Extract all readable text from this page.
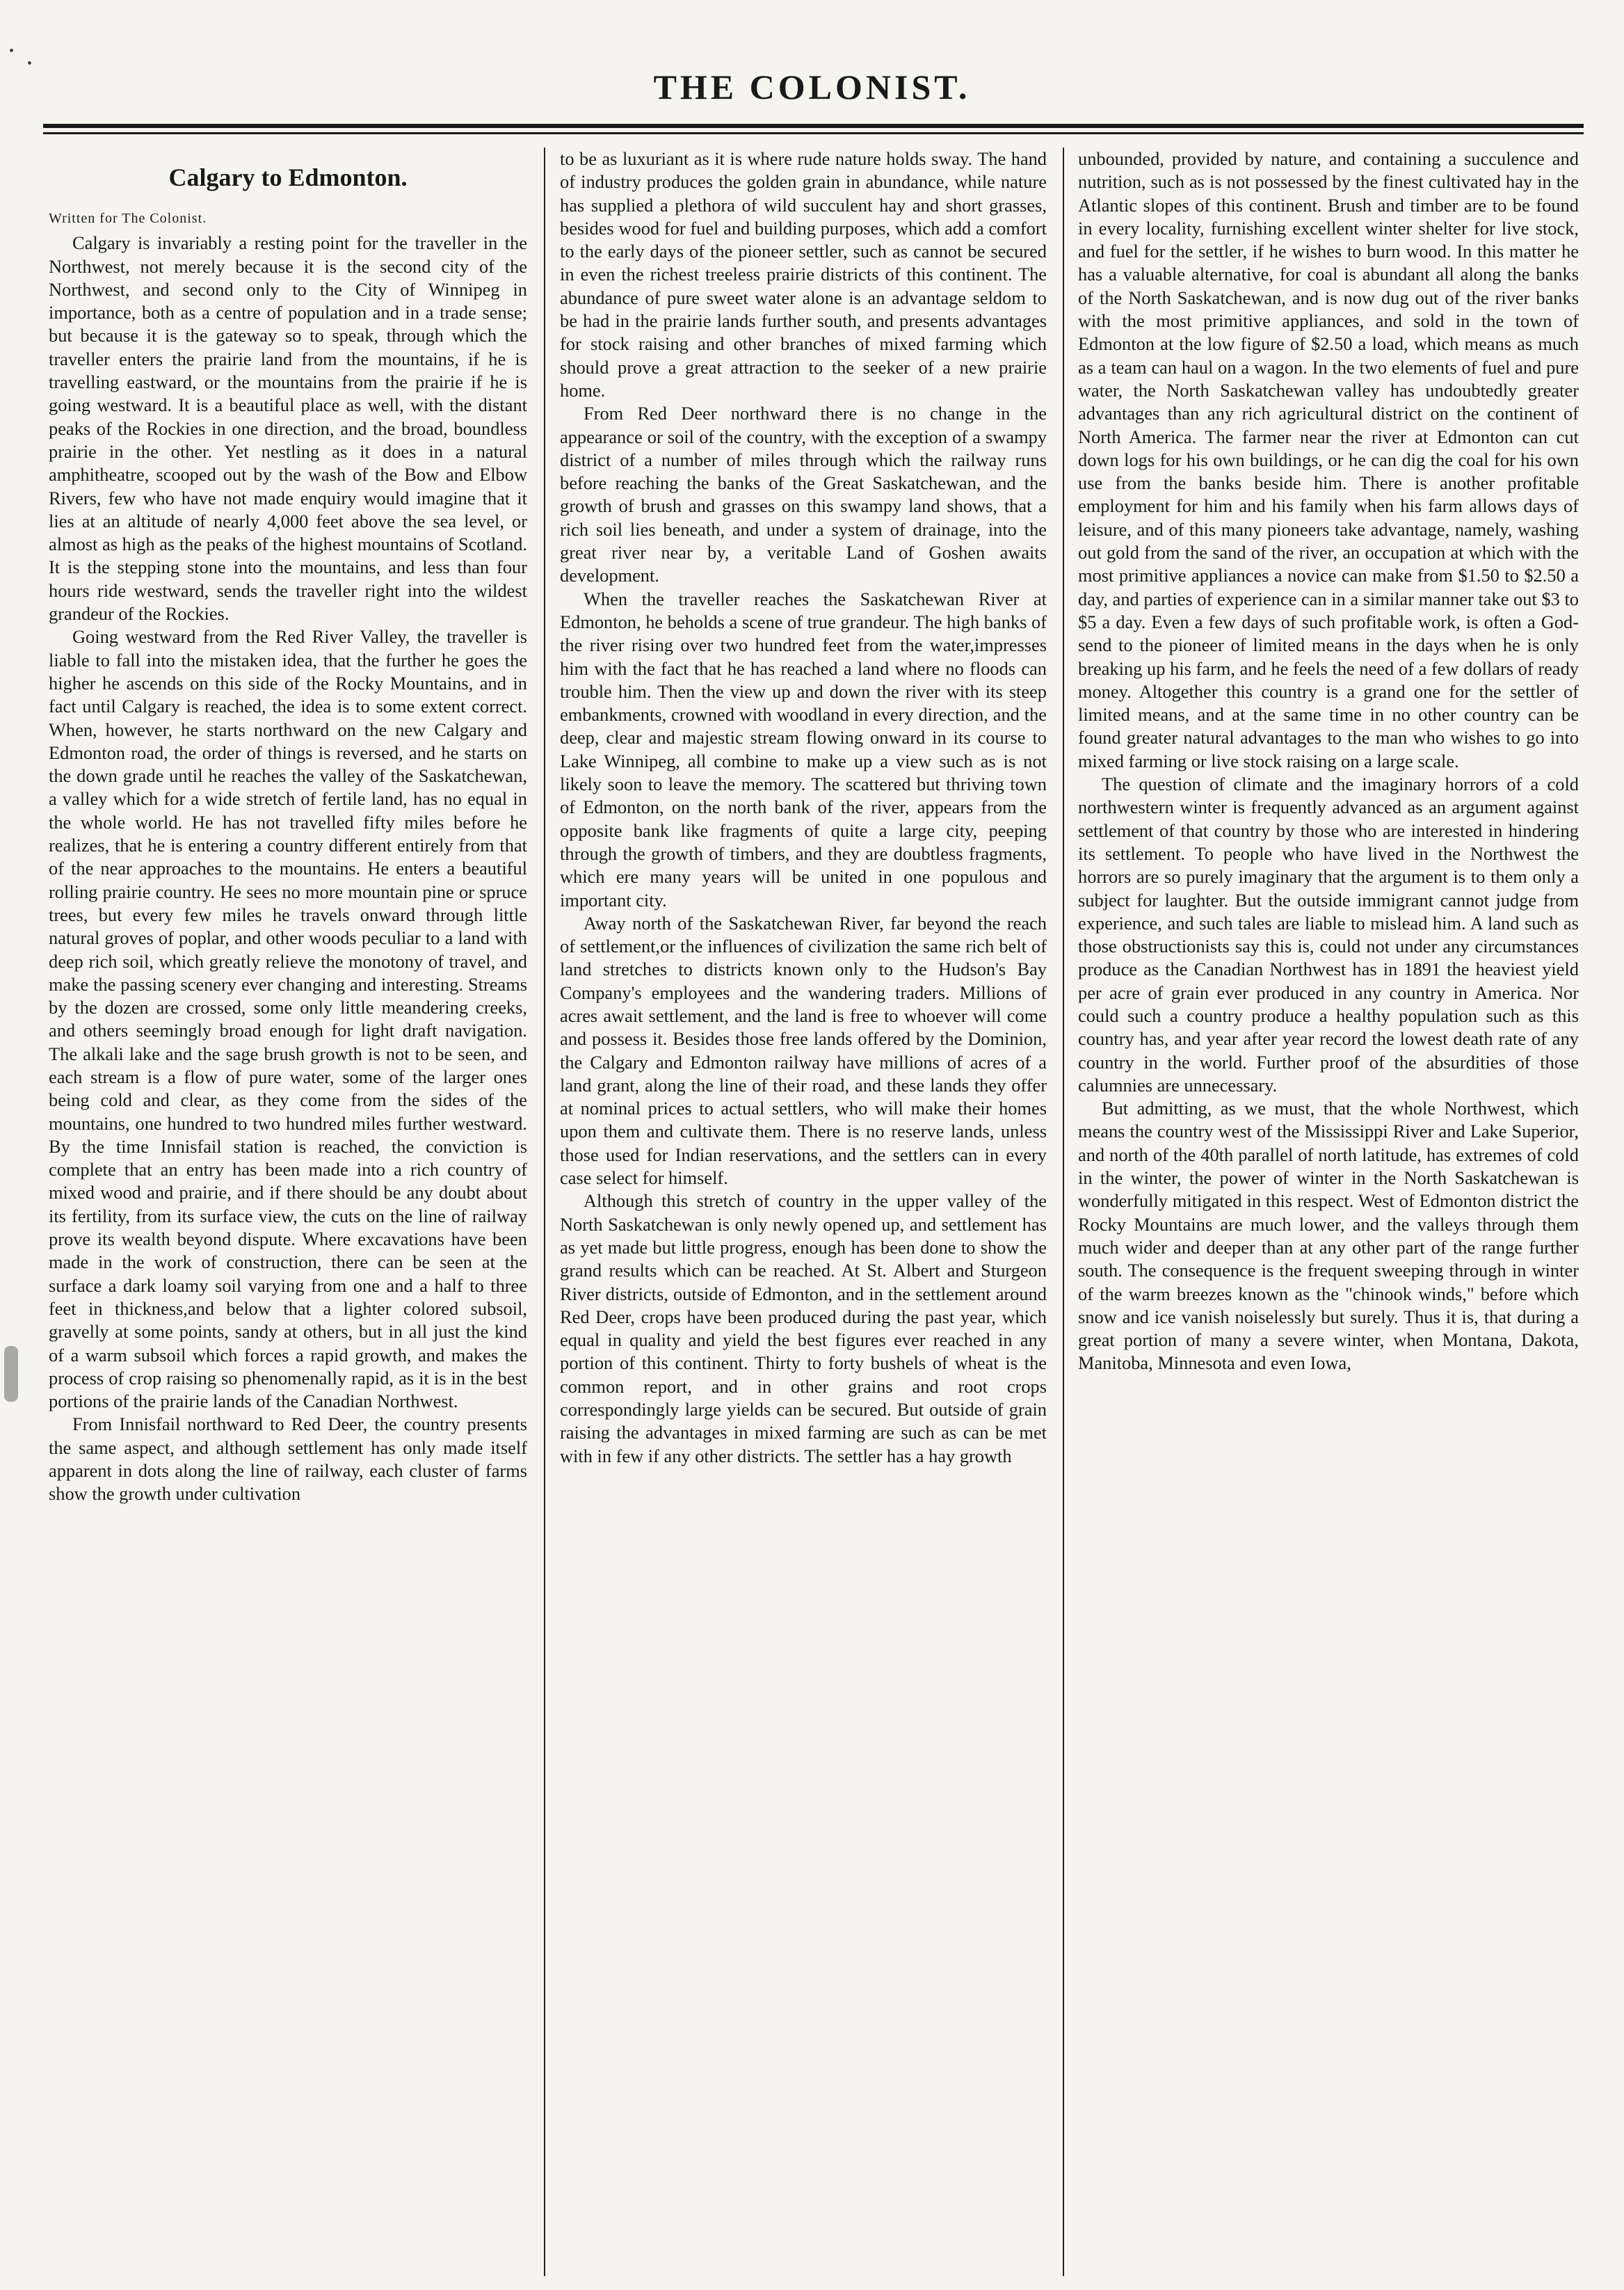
THE COLONIST.
Calgary to Edmonton.
Written for The Colonist.

Calgary is invariably a resting point for the traveller in the Northwest, not merely because it is the second city of the Northwest, and second only to the City of Winnipeg in importance, both as a centre of population and in a trade sense; but because it is the gateway so to speak, through which the traveller enters the prairie land from the mountains, if he is travelling eastward, or the mountains from the prairie if he is going westward. It is a beautiful place as well, with the distant peaks of the Rockies in one direction, and the broad, boundless prairie in the other. Yet nestling as it does in a natural amphitheatre, scooped out by the wash of the Bow and Elbow Rivers, few who have not made enquiry would imagine that it lies at an altitude of nearly 4,000 feet above the sea level, or almost as high as the peaks of the highest mountains of Scotland. It is the stepping stone into the mountains, and less than four hours ride westward, sends the traveller right into the wildest grandeur of the Rockies.

Going westward from the Red River Valley, the traveller is liable to fall into the mistaken idea, that the further he goes the higher he ascends on this side of the Rocky Mountains, and in fact until Calgary is reached, the idea is to some extent correct. When, however, he starts northward on the new Calgary and Edmonton road, the order of things is reversed, and he starts on the down grade until he reaches the valley of the Saskatchewan, a valley which for a wide stretch of fertile land, has no equal in the whole world. He has not travelled fifty miles before he realizes, that he is entering a country different entirely from that of the near approaches to the mountains. He enters a beautiful rolling prairie country. He sees no more mountain pine or spruce trees, but every few miles he travels onward through little natural groves of poplar, and other woods peculiar to a land with deep rich soil, which greatly relieve the monotony of travel, and make the passing scenery ever changing and interesting. Streams by the dozen are crossed, some only little meandering creeks, and others seemingly broad enough for light draft navigation. The alkali lake and the sage brush growth is not to be seen, and each stream is a flow of pure water, some of the larger ones being cold and clear, as they come from the sides of the mountains, one hundred to two hundred miles further westward. By the time Innisfail station is reached, the conviction is complete that an entry has been made into a rich country of mixed wood and prairie, and if there should be any doubt about its fertility, from its surface view, the cuts on the line of railway prove its wealth beyond dispute. Where excavations have been made in the work of construction, there can be seen at the surface a dark loamy soil varying from one and a half to three feet in thickness,and below that a lighter colored subsoil, gravelly at some points, sandy at others, but in all just the kind of a warm subsoil which forces a rapid growth, and makes the process of crop raising so phenomenally rapid, as it is in the best portions of the prairie lands of the Canadian Northwest.

From Innisfail northward to Red Deer, the country presents the same aspect, and although settlement has only made itself apparent in dots along the line of railway, each cluster of farms show the growth under cultivation

to be as luxuriant as it is where rude nature holds sway. The hand of industry produces the golden grain in abundance, while nature has supplied a plethora of wild succulent hay and short grasses, besides wood for fuel and building purposes, which add a comfort to the early days of the pioneer settler, such as cannot be secured in even the richest treeless prairie districts of this continent. The abundance of pure sweet water alone is an advantage seldom to be had in the prairie lands further south, and presents advantages for stock raising and other branches of mixed farming which should prove a great attraction to the seeker of a new prairie home.

From Red Deer northward there is no change in the appearance or soil of the country, with the exception of a swampy district of a number of miles through which the railway runs before reaching the banks of the Great Saskatchewan, and the growth of brush and grasses on this swampy land shows, that a rich soil lies beneath, and under a system of drainage, into the great river near by, a veritable Land of Goshen awaits development.

When the traveller reaches the Saskatchewan River at Edmonton, he beholds a scene of true grandeur. The high banks of the river rising over two hundred feet from the water,impresses him with the fact that he has reached a land where no floods can trouble him. Then the view up and down the river with its steep embankments, crowned with woodland in every direction, and the deep, clear and majestic stream flowing onward in its course to Lake Winnipeg, all combine to make up a view such as is not likely soon to leave the memory. The scattered but thriving town of Edmonton, on the north bank of the river, appears from the opposite bank like fragments of quite a large city, peeping through the growth of timbers, and they are doubtless fragments, which ere many years will be united in one populous and important city.

Away north of the Saskatchewan River, far beyond the reach of settlement,or the influences of civilization the same rich belt of land stretches to districts known only to the Hudson's Bay Company's employees and the wandering traders. Millions of acres await settlement, and the land is free to whoever will come and possess it. Besides those free lands offered by the Dominion, the Calgary and Edmonton railway have millions of acres of a land grant, along the line of their road, and these lands they offer at nominal prices to actual settlers, who will make their homes upon them and cultivate them. There is no reserve lands, unless those used for Indian reservations, and the settlers can in every case select for himself.

Although this stretch of country in the upper valley of the North Saskatchewan is only newly opened up, and settlement has as yet made but little progress, enough has been done to show the grand results which can be reached. At St. Albert and Sturgeon River districts, outside of Edmonton, and in the settlement around Red Deer, crops have been produced during the past year, which equal in quality and yield the best figures ever reached in any portion of this continent. Thirty to forty bushels of wheat is the common report, and in other grains and root crops correspondingly large yields can be secured. But outside of grain raising the advantages in mixed farming are such as can be met with in few if any other districts. The settler has a hay growth

unbounded, provided by nature, and containing a succulence and nutrition, such as is not possessed by the finest cultivated hay in the Atlantic slopes of this continent. Brush and timber are to be found in every locality, furnishing excellent winter shelter for live stock, and fuel for the settler, if he wishes to burn wood. In this matter he has a valuable alternative, for coal is abundant all along the banks of the North Saskatchewan, and is now dug out of the river banks with the most primitive appliances, and sold in the town of Edmonton at the low figure of $2.50 a load, which means as much as a team can haul on a wagon. In the two elements of fuel and pure water, the North Saskatchewan valley has undoubtedly greater advantages than any rich agricultural district on the continent of North America. The farmer near the river at Edmonton can cut down logs for his own buildings, or he can dig the coal for his own use from the banks beside him. There is another profitable employment for him and his family when his farm allows days of leisure, and of this many pioneers take advantage, namely, washing out gold from the sand of the river, an occupation at which with the most primitive appliances a novice can make from $1.50 to $2.50 a day, and parties of experience can in a similar manner take out $3 to $5 a day. Even a few days of such profitable work, is often a God-send to the pioneer of limited means in the days when he is only breaking up his farm, and he feels the need of a few dollars of ready money. Altogether this country is a grand one for the settler of limited means, and at the same time in no other country can be found greater natural advantages to the man who wishes to go into mixed farming or live stock raising on a large scale.

The question of climate and the imaginary horrors of a cold northwestern winter is frequently advanced as an argument against settlement of that country by those who are interested in hindering its settlement. To people who have lived in the Northwest the horrors are so purely imaginary that the argument is to them only a subject for laughter. But the outside immigrant cannot judge from experience, and such tales are liable to mislead him. A land such as those obstructionists say this is, could not under any circumstances produce as the Canadian Northwest has in 1891 the heaviest yield per acre of grain ever produced in any country in America. Nor could such a country produce a healthy population such as this country has, and year after year record the lowest death rate of any country in the world. Further proof of the absurdities of those calumnies are unnecessary.

But admitting, as we must, that the whole Northwest, which means the country west of the Mississippi River and Lake Superior, and north of the 40th parallel of north latitude, has extremes of cold in the winter, the power of winter in the North Saskatchewan is wonderfully mitigated in this respect. West of Edmonton district the Rocky Mountains are much lower, and the valleys through them much wider and deeper than at any other part of the range further south. The consequence is the frequent sweeping through in winter of the warm breezes known as the "chinook winds," before which snow and ice vanish noiselessly but surely. Thus it is, that during a great portion of many a severe winter, when Montana, Dakota, Manitoba, Minnesota and even Iowa,
